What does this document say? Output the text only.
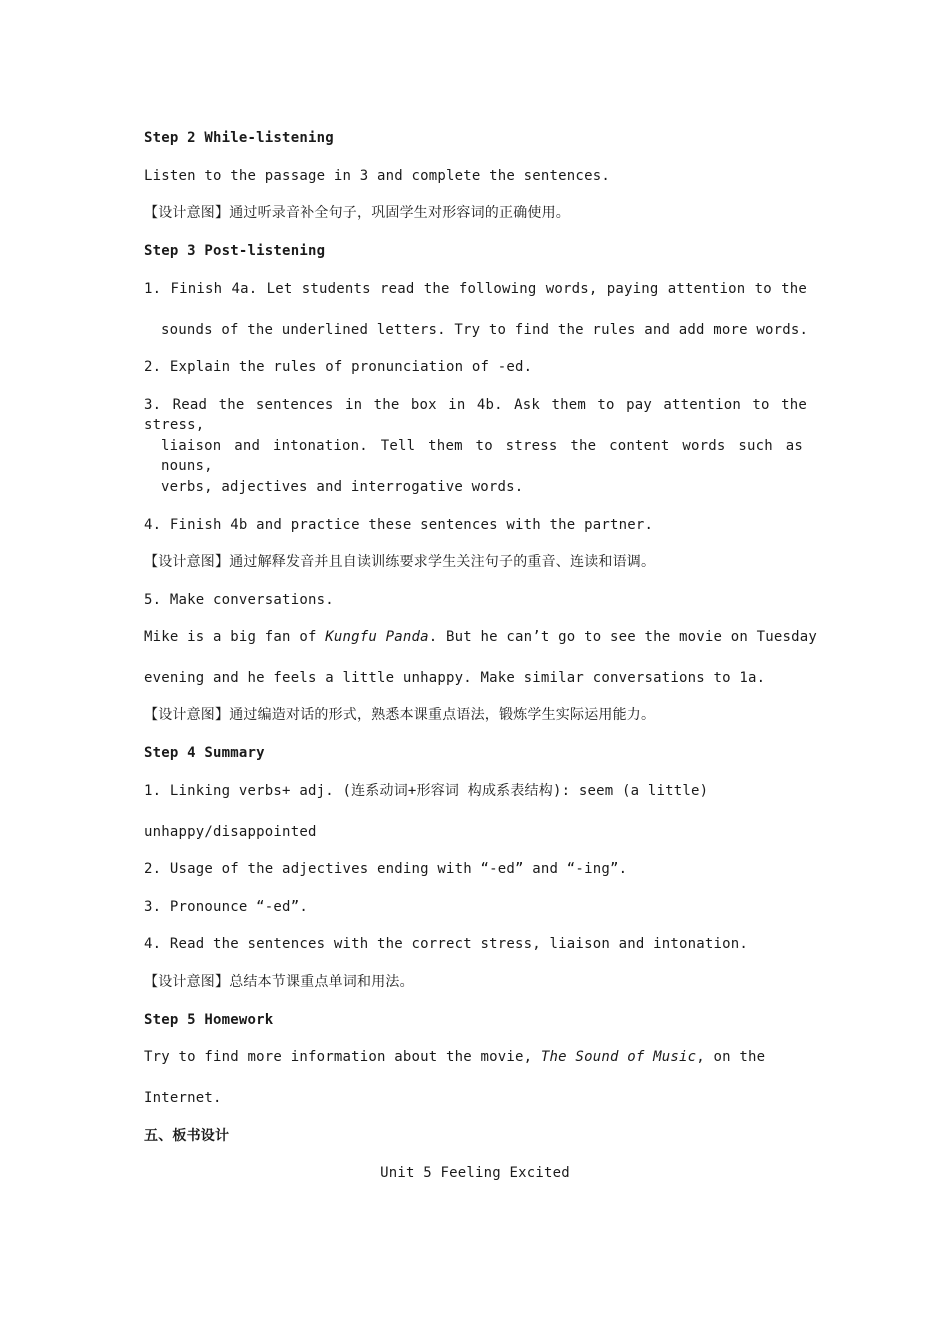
Step 2 While-listening
Listen to the passage in 3 and complete the sentences.
【设计意图】通过听录音补全句子，巩固学生对形容词的正确使用。
Step 3 Post-listening
1. Finish 4a. Let students read the following words, paying attention to the
sounds of the underlined letters. Try to find the rules and add more words.
2. Explain the rules of pronunciation of -ed.
3. Read the sentences in the box in 4b. Ask them to pay attention to the stress,
liaison and intonation. Tell them to stress the content words such as nouns,
verbs, adjectives and interrogative words.
4. Finish 4b and practice these sentences with the partner.
【设计意图】通过解释发音并且自读训练要求学生关注句子的重音、连读和语调。
5. Make conversations.
Mike is a big fan of Kungfu Panda. But he can’t go to see the movie on Tuesday
evening and he feels a little unhappy. Make similar conversations to 1a.
【设计意图】通过编造对话的形式，熟悉本课重点语法，锻炼学生实际运用能力。
Step 4 Summary
1. Linking verbs+ adj. (连系动词+形容词 构成系表结构): seem (a little)
unhappy/disappointed
2. Usage of the adjectives ending with “-ed” and “-ing”.
3. Pronounce “-ed”.
4. Read the sentences with the correct stress, liaison and intonation.
【设计意图】总结本节课重点单词和用法。
Step 5 Homework
Try to find more information about the movie, The Sound of Music, on the
Internet.
五、板书设计
Unit 5 Feeling Excited
